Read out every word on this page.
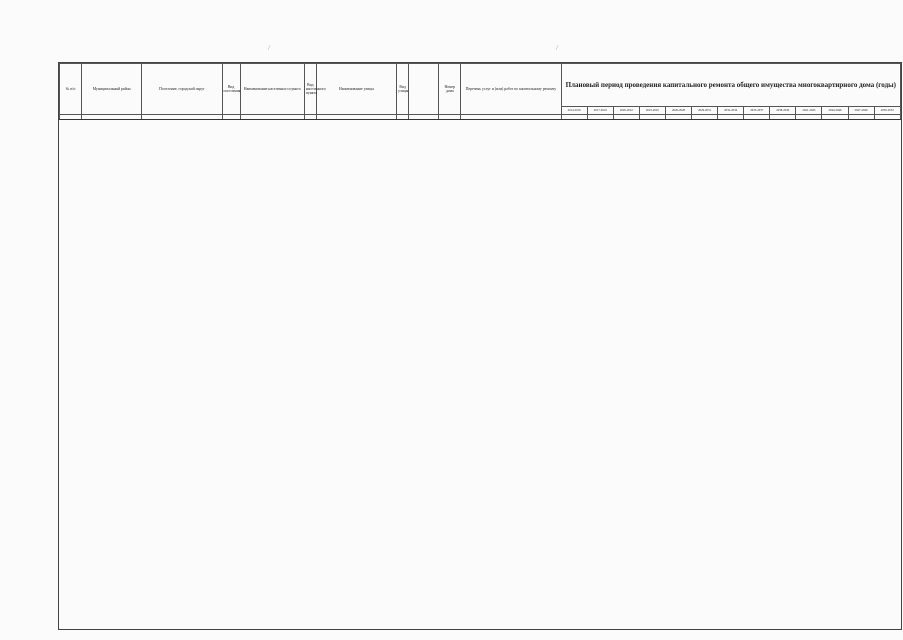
/	/
№ п/п	Муниципальный район	Поселение, городской округ	Вид поселения	Наименование населенного пункта	Вид населенного пункта	Наименование улицы	Вид улицы		Номер дома	Перечень услуг и (или) работ по капитальному ремонту	Плановый период проведения капитального ремонта общего имущества многоквартирного дома (годы)												
											2014-2016	2017-2019	2020-2022	2023-2025	2026-2028	2029-2031	2032-2034	2035-2037	2038-2040	2041-2043	2044-2046	2047-2049	2050-2052
